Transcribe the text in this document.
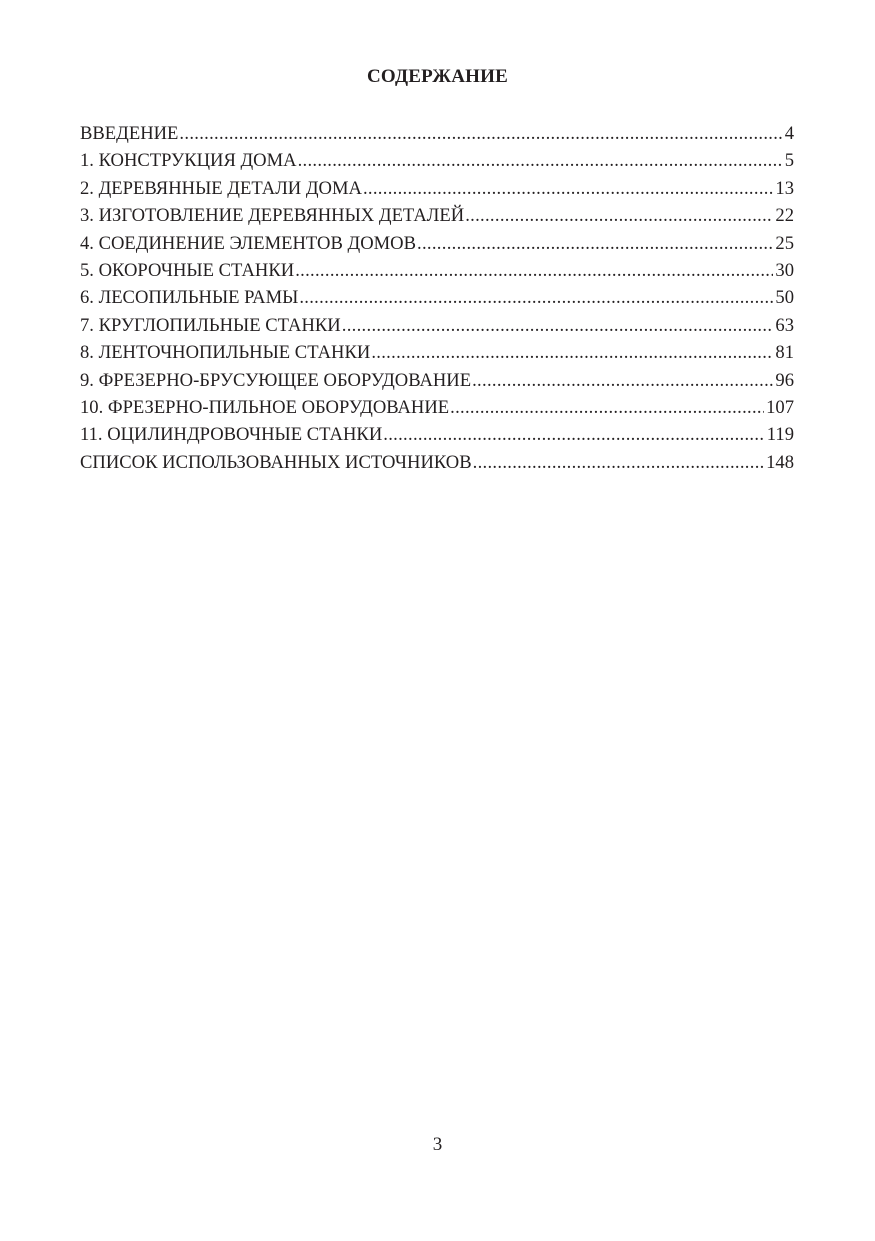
СОДЕРЖАНИЕ
ВВЕДЕНИЕ .....	4
1. КОНСТРУКЦИЯ ДОМА .....	5
2. ДЕРЕВЯННЫЕ ДЕТАЛИ ДОМА .....	13
3. ИЗГОТОВЛЕНИЕ ДЕРЕВЯННЫХ ДЕТАЛЕЙ .....	22
4. СОЕДИНЕНИЕ ЭЛЕМЕНТОВ ДОМОВ .....	25
5. ОКОРОЧНЫЕ СТАНКИ .....	30
6. ЛЕСОПИЛЬНЫЕ РАМЫ .....	50
7. КРУГЛОПИЛЬНЫЕ СТАНКИ .....	63
8. ЛЕНТОЧНОПИЛЬНЫЕ СТАНКИ .....	81
9. ФРЕЗЕРНО-БРУСУЮЩЕЕ ОБОРУДОВАНИЕ .....	96
10. ФРЕЗЕРНО-ПИЛЬНОЕ ОБОРУДОВАНИЕ .....	107
11. ОЦИЛИНДРОВОЧНЫЕ СТАНКИ .....	119
СПИСОК ИСПОЛЬЗОВАННЫХ ИСТОЧНИКОВ .....	148
3
